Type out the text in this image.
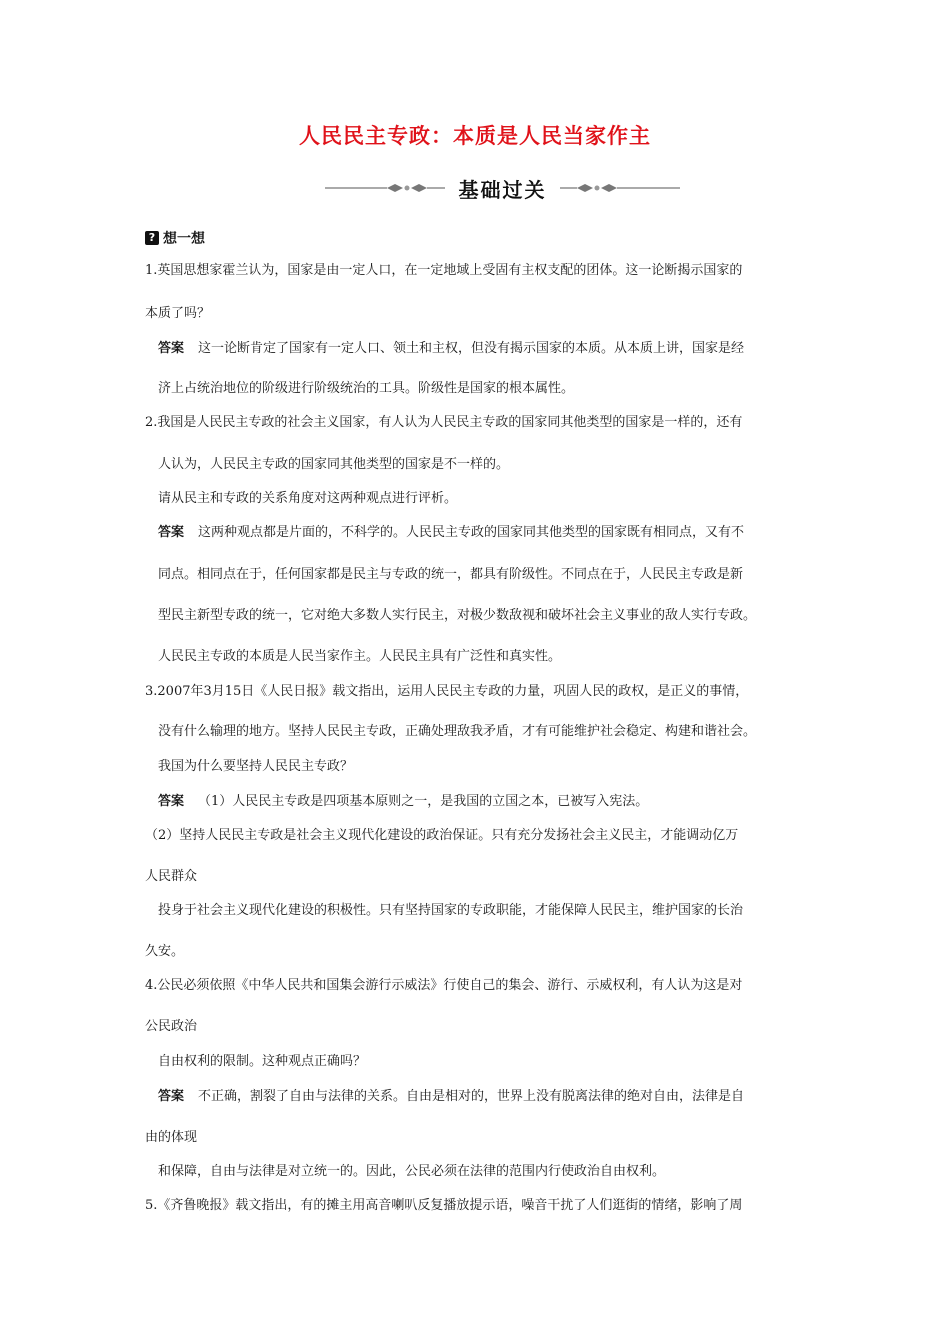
人民民主专政：本质是人民当家作主
基础过关
? 想一想
1.英国思想家霍兰认为，国家是由一定人口，在一定地域上受固有主权支配的团体。这一论断揭示国家的
本质了吗？
答案 这一论断肯定了国家有一定人口、领土和主权，但没有揭示国家的本质。从本质上讲，国家是经
济上占统治地位的阶级进行阶级统治的工具。阶级性是国家的根本属性。
2.我国是人民民主专政的社会主义国家，有人认为人民民主专政的国家同其他类型的国家是一样的，还有
人认为，人民民主专政的国家同其他类型的国家是不一样的。
请从民主和专政的关系角度对这两种观点进行评析。
答案 这两种观点都是片面的，不科学的。人民民主专政的国家同其他类型的国家既有相同点，又有不
同点。相同点在于，任何国家都是民主与专政的统一，都具有阶级性。不同点在于，人民民主专政是新
型民主新型专政的统一，它对绝大多数人实行民主，对极少数敌视和破坏社会主义事业的敌人实行专政。
人民民主专政的本质是人民当家作主。人民民主具有广泛性和真实性。
3.2007年3月15日《人民日报》载文指出，运用人民民主专政的力量，巩固人民的政权，是正义的事情，
没有什么输理的地方。坚持人民民主专政，正确处理敌我矛盾，才有可能维护社会稳定、构建和谐社会。
我国为什么要坚持人民民主专政？
答案 （1）人民民主专政是四项基本原则之一，是我国的立国之本，已被写入宪法。
（2）坚持人民民主专政是社会主义现代化建设的政治保证。只有充分发扬社会主义民主，才能调动亿万
人民群众
投身于社会主义现代化建设的积极性。只有坚持国家的专政职能，才能保障人民民主，维护国家的长治
久安。
4.公民必须依照《中华人民共和国集会游行示威法》行使自己的集会、游行、示威权利，有人认为这是对
公民政治
自由权利的限制。这种观点正确吗？
答案 不正确，割裂了自由与法律的关系。自由是相对的，世界上没有脱离法律的绝对自由，法律是自
由的体现
和保障，自由与法律是对立统一的。因此，公民必须在法律的范围内行使政治自由权利。
5.《齐鲁晚报》载文指出，有的摊主用高音喇叭反复播放提示语，噪音干扰了人们逛街的情绪，影响了周
